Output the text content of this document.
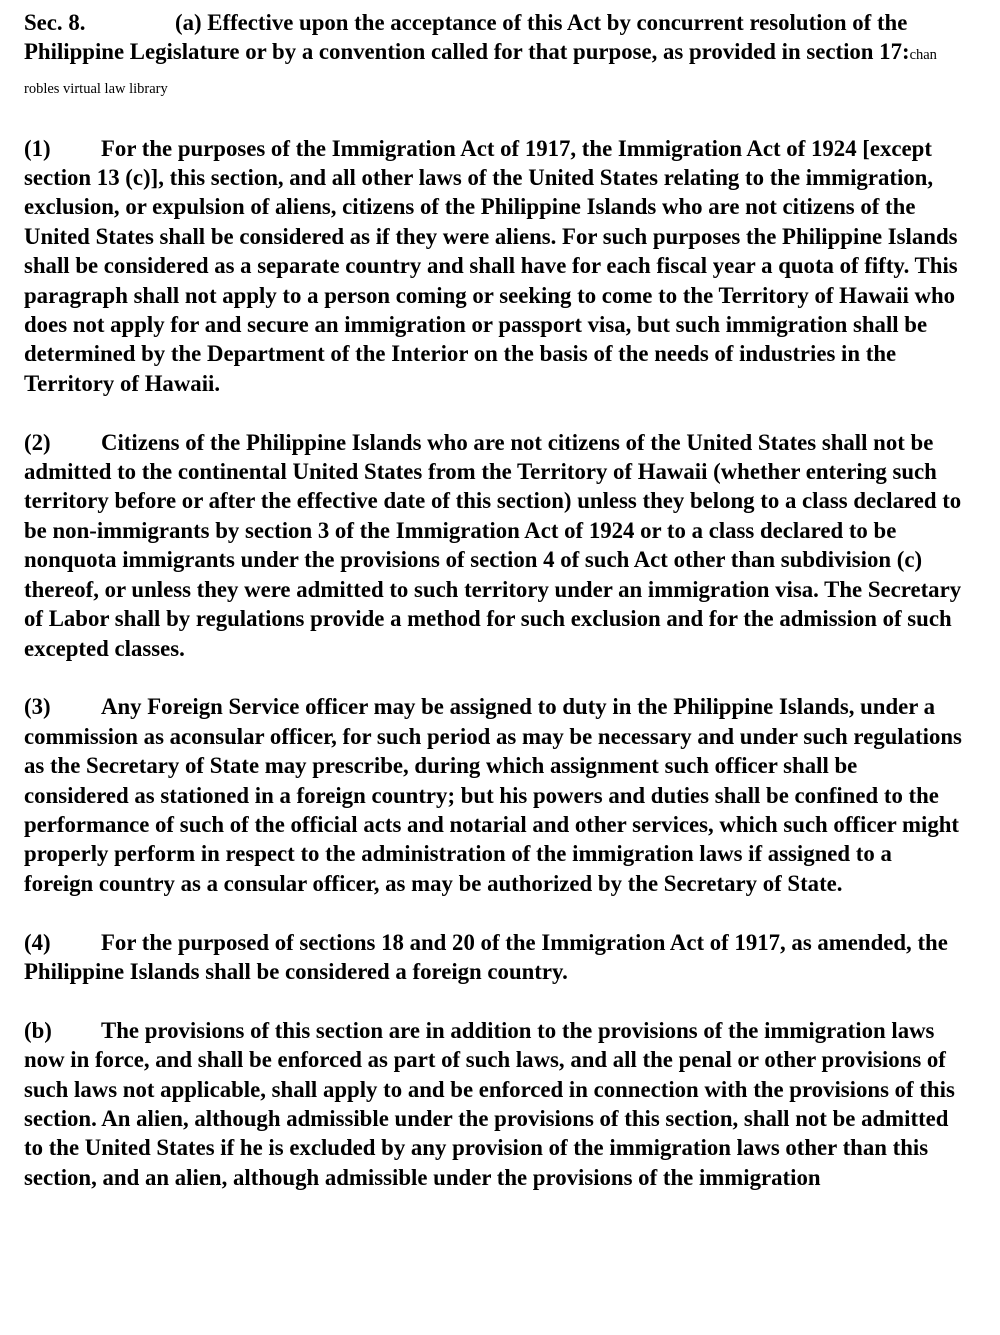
Sec. 8.	(a) Effective upon the acceptance of this Act by concurrent resolution of the Philippine Legislature or by a convention called for that purpose, as provided in section 17:chan robles virtual law library

(1) For the purposes of the Immigration Act of 1917, the Immigration Act of 1924 [except section 13 (c)], this section, and all other laws of the United States relating to the immigration, exclusion, or expulsion of aliens, citizens of the Philippine Islands who are not citizens of the United States shall be considered as if they were aliens. For such purposes the Philippine Islands shall be considered as a separate country and shall have for each fiscal year a quota of fifty. This paragraph shall not apply to a person coming or seeking to come to the Territory of Hawaii who does not apply for and secure an immigration or passport visa, but such immigration shall be determined by the Department of the Interior on the basis of the needs of industries in the Territory of Hawaii.

(2) Citizens of the Philippine Islands who are not citizens of the United States shall not be admitted to the continental United States from the Territory of Hawaii (whether entering such territory before or after the effective date of this section) unless they belong to a class declared to be non-immigrants by section 3 of the Immigration Act of 1924 or to a class declared to be nonquota immigrants under the provisions of section 4 of such Act other than subdivision (c) thereof, or unless they were admitted to such territory under an immigration visa. The Secretary of Labor shall by regulations provide a method for such exclusion and for the admission of such excepted classes.

(3) Any Foreign Service officer may be assigned to duty in the Philippine Islands, under a commission as aconsular officer, for such period as may be necessary and under such regulations as the Secretary of State may prescribe, during which assignment such officer shall be considered as stationed in a foreign country; but his powers and duties shall be confined to the performance of such of the official acts and notarial and other services, which such officer might properly perform in respect to the administration of the immigration laws if assigned to a foreign country as a consular officer, as may be authorized by the Secretary of State.

(4) For the purposed of sections 18 and 20 of the Immigration Act of 1917, as amended, the Philippine Islands shall be considered a foreign country.

(b) The provisions of this section are in addition to the provisions of the immigration laws now in force, and shall be enforced as part of such laws, and all the penal or other provisions of such laws not applicable, shall apply to and be enforced in connection with the provisions of this section. An alien, although admissible under the provisions of this section, shall not be admitted to the United States if he is excluded by any provision of the immigration laws other than this section, and an alien, although admissible under the provisions of the immigration
